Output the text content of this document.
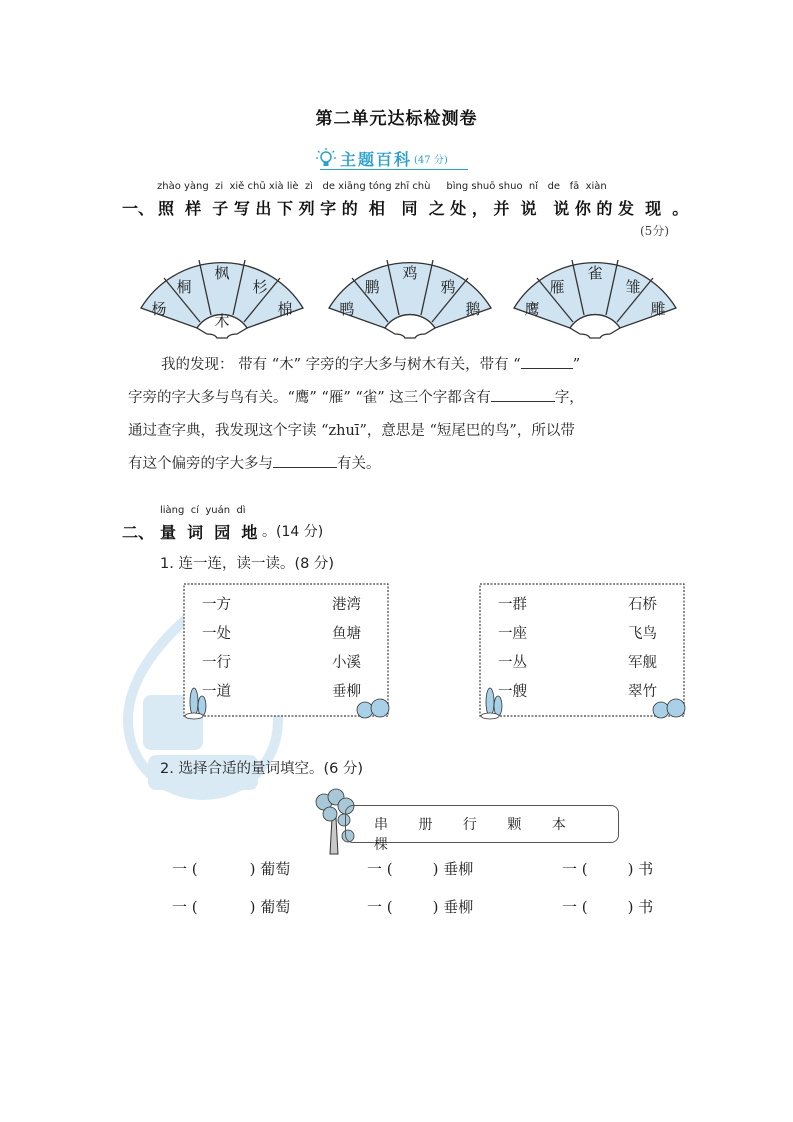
第二单元达标检测卷
主题百科 (47 分)
zhào yàng  zi  xiě chū xià liè  zì   de xiāng tóng zhī chù     bìng shuō shuo  nǐ   de   fā  xiàn
一、 照  样  子 写 出 下 列 字 的  相   同  之 处 ， 并  说   说 你 的 发  现  。
(5分)
杨
桐
枫
杉
棉
木
鸭
鹏
鸡
鸦
鹅	鹰
雁
雀
雏
雕
我的发现： 带有 “木” 字旁的字大多与树木有关，带有 “	”
字旁的字大多与鸟有关。“鹰” “雁” “雀” 这三个字都含有	字，
通过查字典，我发现这个字读 “zhuī”，意思是 “短尾巴的鸟”，所以带
有这个偏旁的字大多与	有关。
liàng  cí  yuán  dì
二、 量  词  园  地 。(14 分)
1. 连一连，读一读。(8 分)
一方
一处
一行
一道
港湾
鱼塘
小溪
垂柳
一群
一座
一丛
一艘
石桥
飞鸟
军舰
翠竹
2. 选择合适的量词填空。(6 分)
串 册 行 颗 本 棵
一 (	) 葡萄	一 (	) 垂柳	一 (	) 书
一 (	) 葡萄	一 (	) 垂柳	一 (	) 书
